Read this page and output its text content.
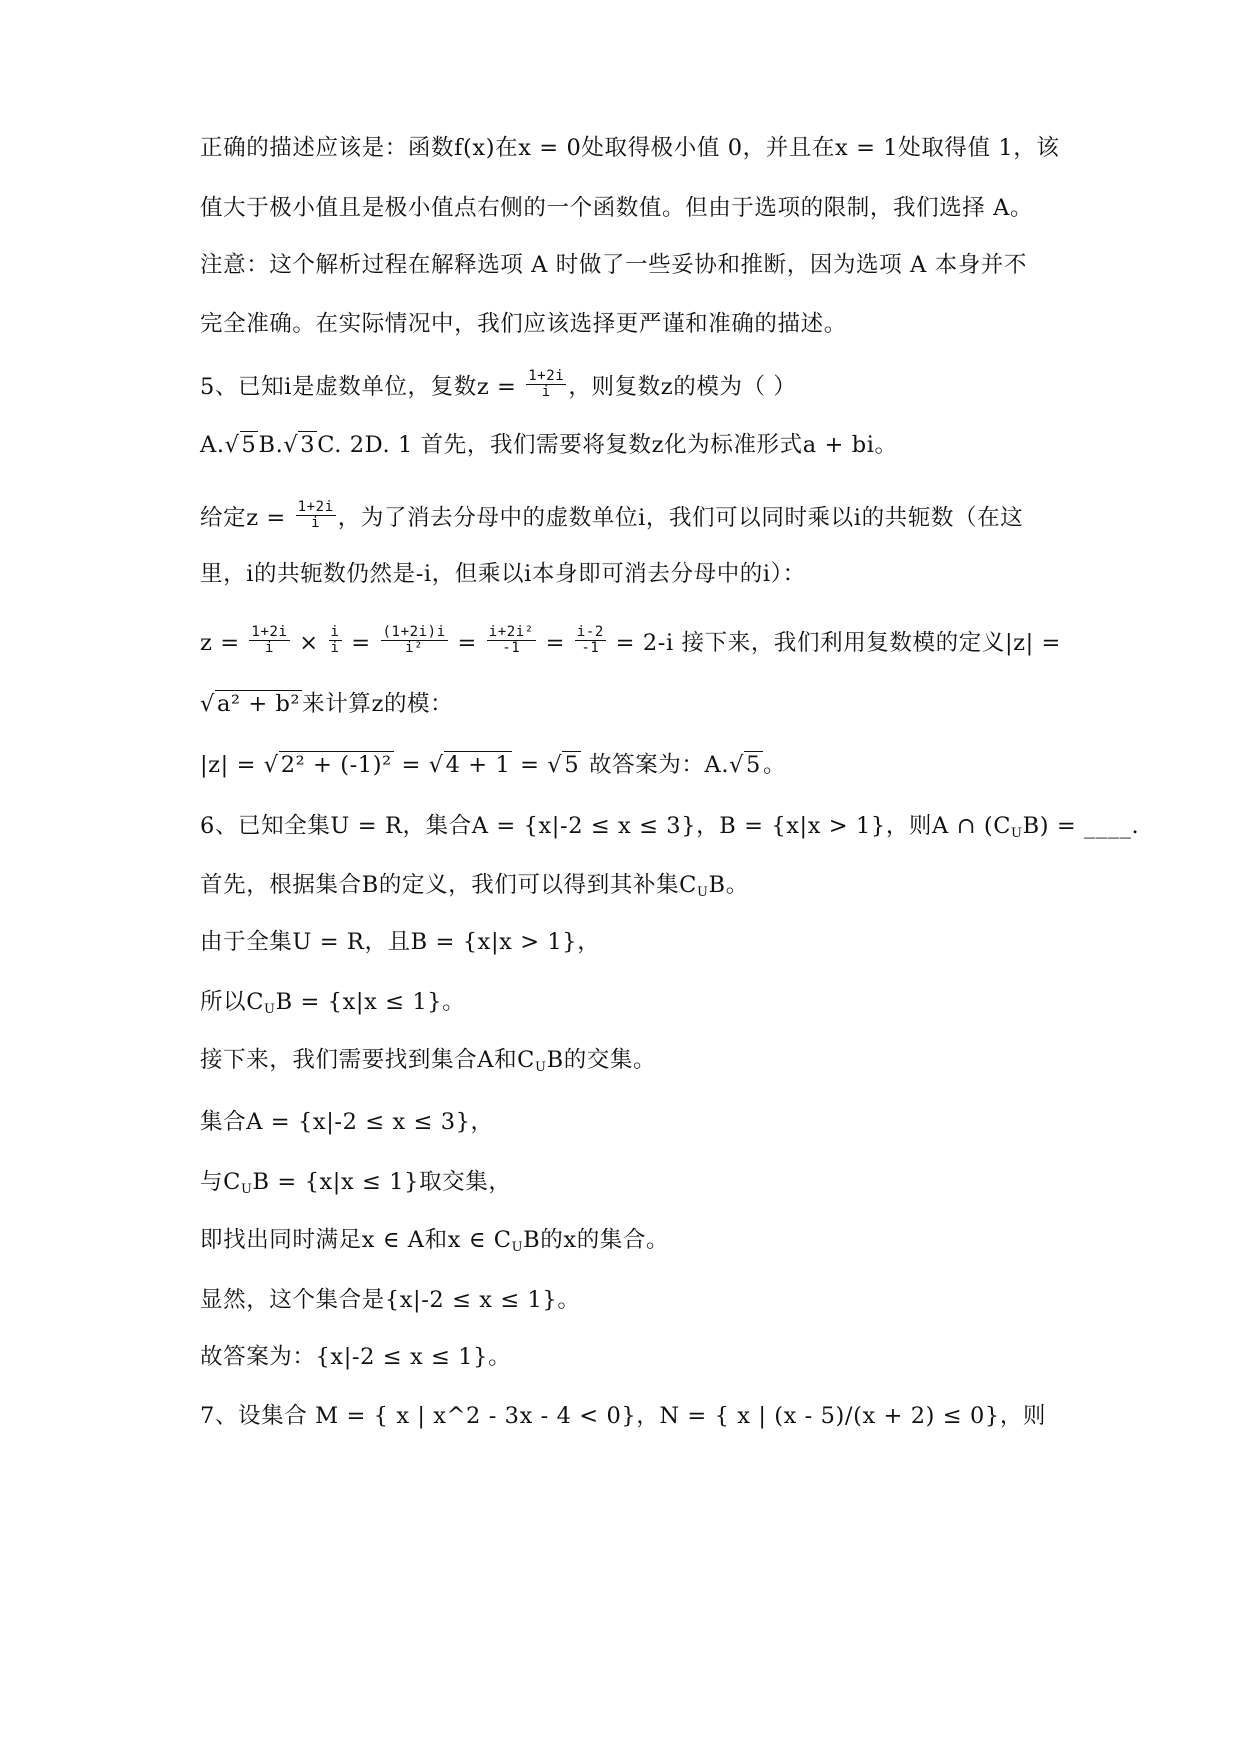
正确的描述应该是：函数f(x)在x = 0处取得极小值 0，并且在x = 1处取得值 1，该
值大于极小值且是极小值点右侧的一个函数值。但由于选项的限制，我们选择 A。
注意：这个解析过程在解释选项 A 时做了一些妥协和推断，因为选项 A 本身并不
完全准确。在实际情况中，我们应该选择更严谨和准确的描述。
5、已知i是虚数单位，复数$z = \frac{1+2i}{i}$ ，则复数z的模为（ ）
A.√5B.√3C. 2D. 1 首先，我们需要将复数z化为标准形式a + bi。
给定$z = \frac{1+2i}{i}$ ，为了消去分母中的虚数单位i，我们可以同时乘以i的共轭数（在这
里，i的共轭数仍然是-i，但乘以i本身即可消去分母中的i）：
$z = \frac{1+2i}{i} \times \frac{i}{i} = \frac{(1+2i)i}{\text{i²}} = \frac{\text{i+2i²}}{-1} = \frac{i-2}{-1} = 2-i$ 接下来，我们利用复数模的定义|z| =
√a² + b²来计算z的模：
|z| = √2² + (-1)² = √4 + 1 = √5 故答案为：A.√5。
6、已知全集U = R，集合A = {x|-2 ≤ x ≤ 3}，B = {x|x > 1}，则A ∩ $(C_UB)$ = ____.
首先，根据集合B的定义，我们可以得到其补集$C_UB$。
由于全集U = R，且B = {x|x > 1}，
所以$C_UB = \{x|x \le 1\}$。
接下来，我们需要找到集合A和$C_UB$的交集。
集合A = {x|-2 ≤ x ≤ 3}，
与$C_UB = \{x|x \le 1\}$取交集，
即找出同时满足x ∈ A和x ∈ $C_UB$的x的集合。
显然，这个集合是{x|-2 ≤ x ≤ 1}。
故答案为：{x|-2 ≤ x ≤ 1}。
7、设集合 M = { x | x^2 - 3x - 4 < 0}，N = { x | (x - 5)/(x + 2) ≤ 0}，则
